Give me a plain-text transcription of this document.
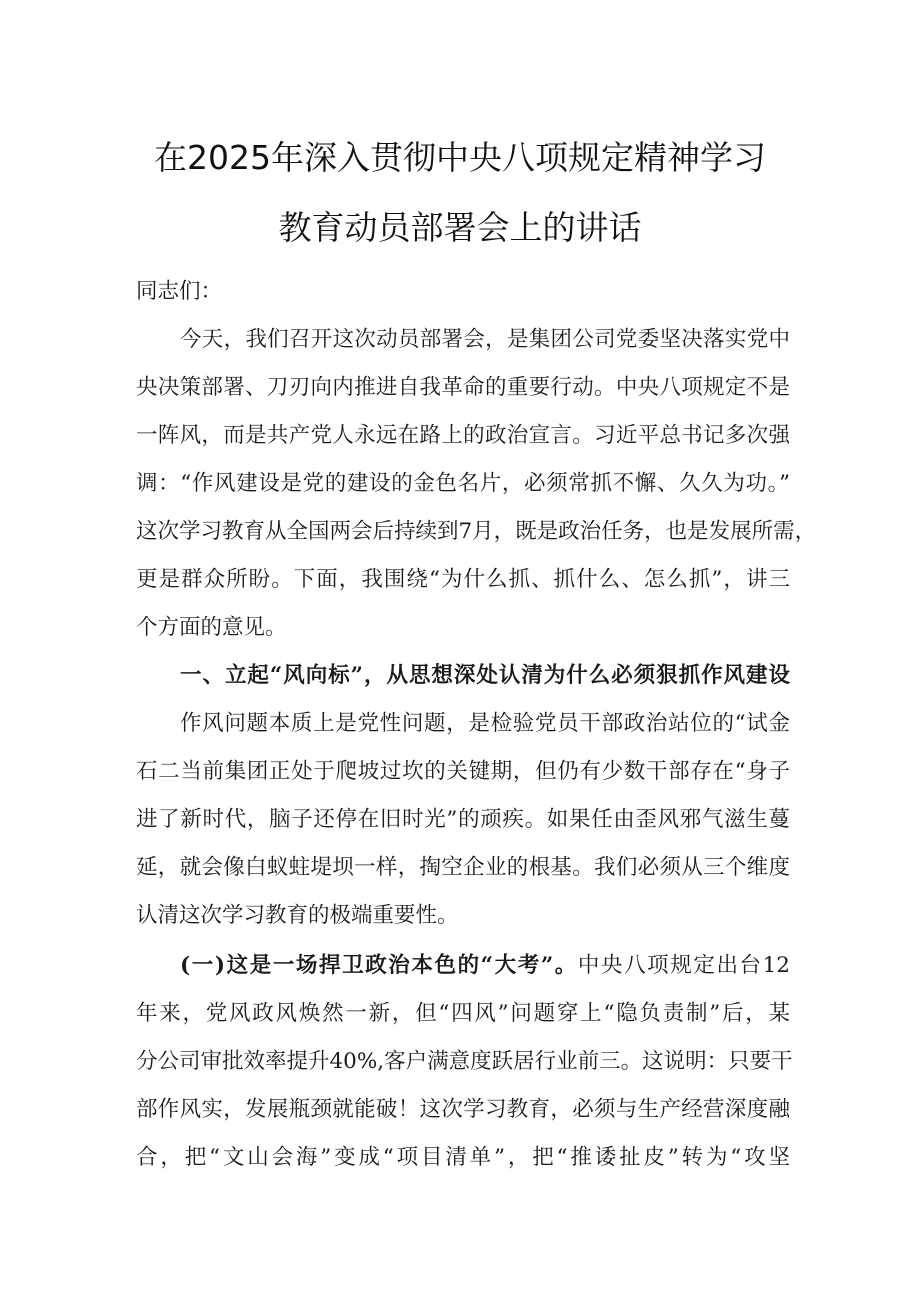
在2025年深入贯彻中央八项规定精神学习
教育动员部署会上的讲话
同志们：
今天，我们召开这次动员部署会，是集团公司党委坚决落实党中
央决策部署、刀刃向内推进自我革命的重要行动。中央八项规定不是
一阵风，而是共产党人永远在路上的政治宣言。习近平总书记多次强
调：“作风建设是党的建设的金色名片，必须常抓不懈、久久为功。”
这次学习教育从全国两会后持续到7月，既是政治任务，也是发展所需，
更是群众所盼。下面，我围绕“为什么抓、抓什么、怎么抓”，讲三
个方面的意见。
一、立起“风向标”，从思想深处认清为什么必须狠抓作风建设
作风问题本质上是党性问题，是检验党员干部政治站位的“试金
石二当前集团正处于爬坡过坎的关键期，但仍有少数干部存在“身子
进了新时代，脑子还停在旧时光”的顽疾。如果任由歪风邪气滋生蔓
延，就会像白蚁蛀堤坝一样，掏空企业的根基。我们必须从三个维度
认清这次学习教育的极端重要性。
(一)这是一场捍卫政治本色的“大考”。中央八项规定出台12
年来，党风政风焕然一新，但“四风”问题穿上“隐负责制”后，某
分公司审批效率提升40%,客户满意度跃居行业前三。这说明：只要干
部作风实，发展瓶颈就能破！这次学习教育，必须与生产经营深度融
合，把“文山会海”变成“项目清单”，把“推诿扯皮”转为“攻坚
